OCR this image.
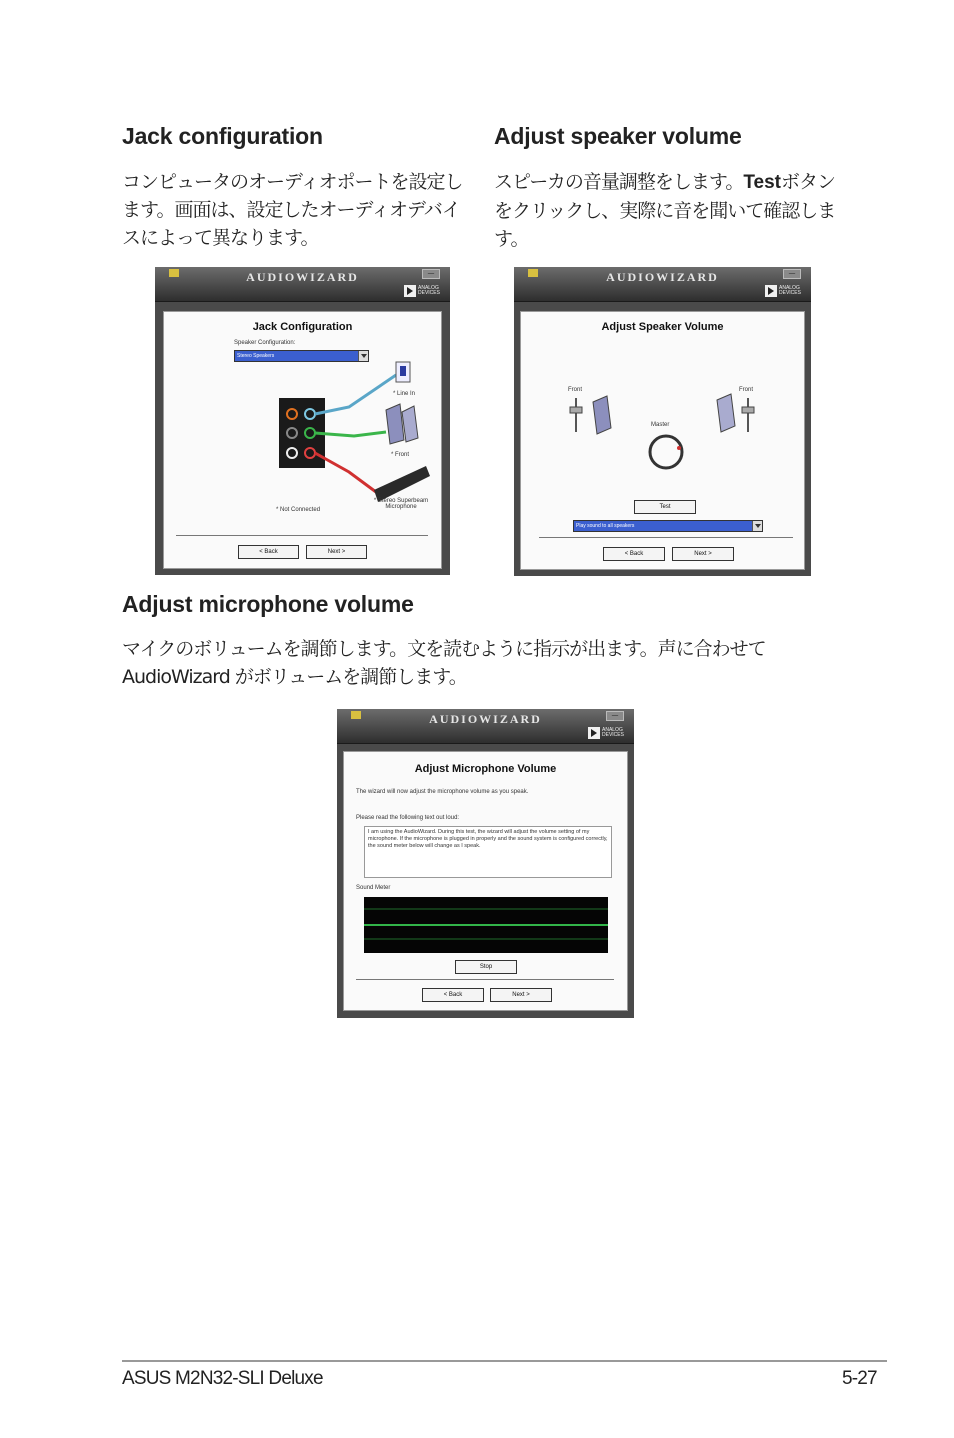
Jack configuration
コンピュータのオーディオポートを設定します。画面は、設定したオーディオデバイスによって異なります。
Adjust speaker volume
スピーカの音量調整をします。Testボタンをクリックし、実際に音を聞いて確認します。
Adjust microphone volume
マイクのボリュームを調節します。文を読むように指示が出ます。声に合わせてAudioWizard がボリュームを調節します。
AUDIOWIZARD	—
ANALOG
DEVICES
Jack Configuration
Speaker Configuration:
Stereo Speakers
* Line In
* Front
* Not Connected
* Stereo Superbeam
Microphone
< Back	Next >
AUDIOWIZARD	—
ANALOG
DEVICES
Adjust Speaker Volume
Front	Front
Master
Test
Play sound to all speakers
< Back	Next >
AUDIOWIZARD	—
ANALOG
DEVICES
Adjust Microphone Volume
The wizard will now adjust the microphone volume as you speak.
Please read the following text out loud:
I am using the AudioWizard. During this test, the wizard will adjust the volume setting of my microphone. If the microphone is plugged in properly and the sound system is configured correctly, the sound meter below will change as I speak.
Sound Meter
Stop
< Back	Next >
ASUS M2N32-SLI Deluxe	5-27
